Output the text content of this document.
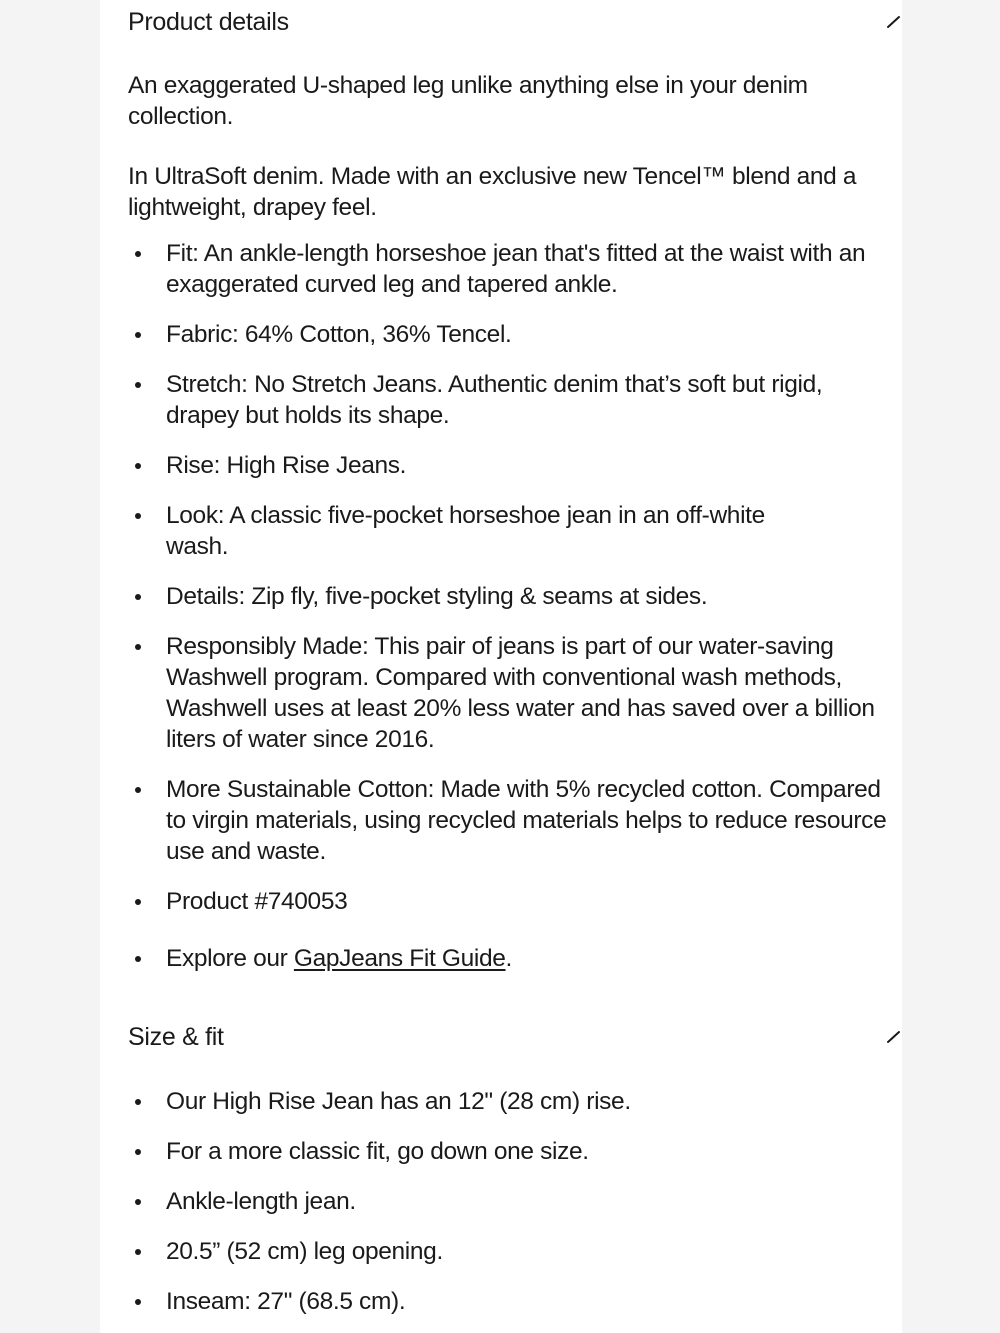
Product details

An exaggerated U-shaped leg unlike anything else in your denim collection.

In UltraSoft denim. Made with an exclusive new Tencel™ blend and a lightweight, drapey feel.

Fit: An ankle-length horseshoe jean that's fitted at the waist with an exaggerated curved leg and tapered ankle.
Fabric: 64% Cotton, 36% Tencel.
Stretch: No Stretch Jeans. Authentic denim that’s soft but rigid, drapey but holds its shape.
Rise: High Rise Jeans.
Look: A classic five-pocket horseshoe jean in an off-white wash.
Details: Zip fly, five-pocket styling & seams at sides.
Responsibly Made: This pair of jeans is part of our water-saving Washwell program. Compared with conventional wash methods, Washwell uses at least 20% less water and has saved over a billion liters of water since 2016.
More Sustainable Cotton: Made with 5% recycled cotton. Compared to virgin materials, using recycled materials helps to reduce resource use and waste.
Product #740053
Explore our GapJeans Fit Guide.
Size & fit
Our High Rise Jean has an 12" (28 cm) rise.
For a more classic fit, go down one size.
Ankle-length jean.
20.5” (52 cm) leg opening.
Inseam: 27" (68.5 cm).
